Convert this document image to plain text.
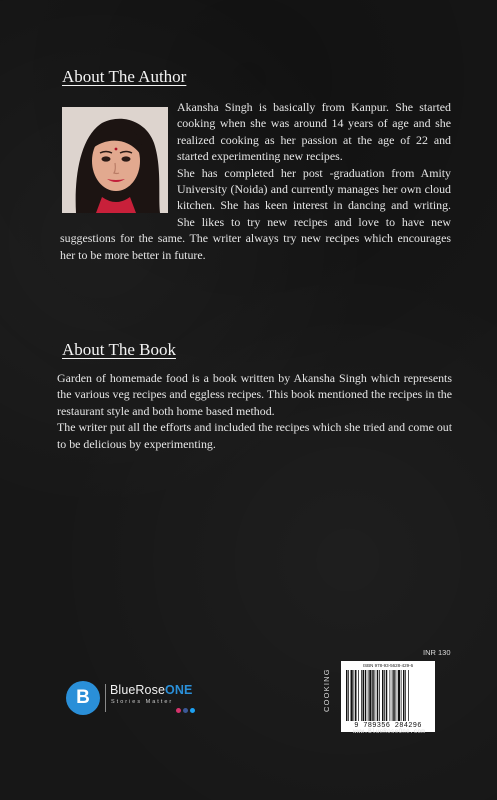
About The Author

Akansha Singh is basically from Kanpur. She started cooking when she was around 14 years of age and she realized cooking as her passion at the age of 22 and started experimenting new recipes.

She has completed her post -graduation from Amity University (Noida) and currently manages her own cloud kitchen. She has keen interest in dancing and writing. She likes to try new recipes and love to have new suggestions for the same. The writer always try new recipes which encourages her to be more better in future.

About The Book

Garden of homemade food is a book written by Akansha Singh which represents the various veg recipes and eggless recipes. This book mentioned the recipes in the restaurant style and both home based method.

The writer put all the efforts and included the recipes which she tried and come out to be delicious by experimenting.

B	BlueRoseONE
Stories Matter
INR 130
COOKING
ISBN 978-93-5628-429-6
9 789356 284296
www.BlueRoseOne.com
